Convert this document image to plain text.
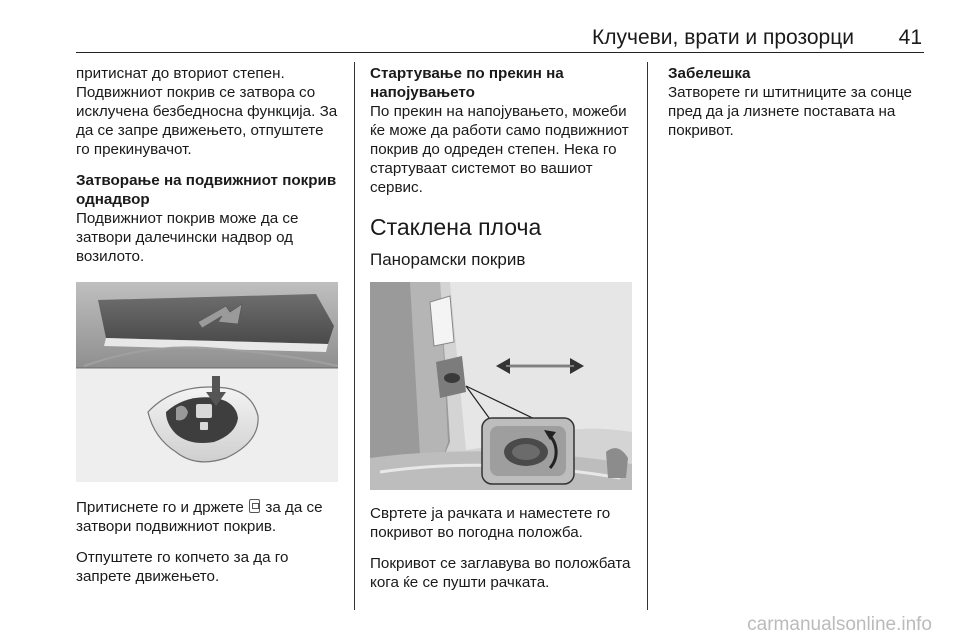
Клучеви, врати и прозорци 41

притиснат до вториот степен. Подвижниот покрив се затвора со исклучена безбедносна функција. За да се запре движењето, отпуштете го прекинувачот.

Затворање на подвижниот покрив однадвор

Подвижниот покрив може да се затвори далечински надвор од возилото.

Притиснете го и држете за да се затвори подвижниот покрив.

Отпуштете го копчето за да го запрете движењето.

Стартување по прекин на напојувањето

По прекин на напојувањето, можеби ќе може да работи само подвижниот покрив до одреден степен. Нека го стартуваат системот во вашиот сервис.

Стаклена плоча
Панорамски покрив

Свртете ја рачката и наместете го покривот во погодна положба.

Покривот се заглавува во положбата кога ќе се пушти рачката.

Забелешка

Затворете ги штитниците за сонце пред да ја лизнете поставата на покривот.

carmanualsonline.info
